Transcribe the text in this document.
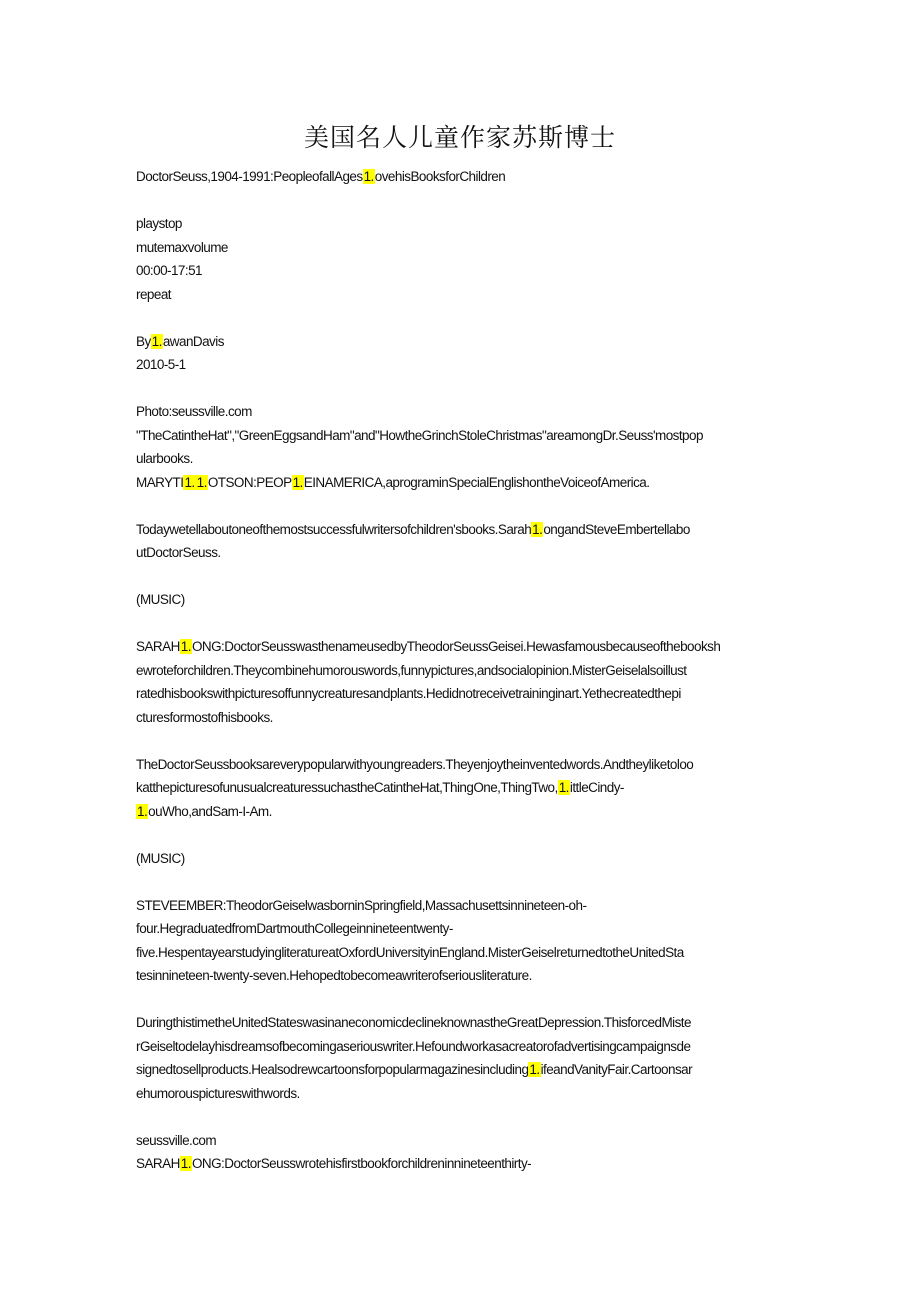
美国名人儿童作家苏斯博士
DoctorSeuss,1904-1991:PeopleofallAges1.ovehisBooksforChildren
playstop
mutemaxvolume
00:00-17:51
repeat
By1.awanDavis
2010-5-1
Photo:seussville.com
"TheCatintheHat","GreenEggsandHam"and"HowtheGrinchStoleChristmas"areamongDr.Seuss'mostpop
ularbooks.
MARYTI1. 1.OTSON:PEOP1.EINAMERICA,aprograminSpecialEnglishontheVoiceofAmerica.
Todaywetellaboutoneofthemostsuccessfulwritersofchildren'sbooks.Sarah1.ongandSteveEmbertellabo
utDoctorSeuss.
(MUSIC)
SARAH1.ONG:DoctorSeusswasthenameusedbyTheodorSeussGeisei.Hewasfamousbecauseofthebooksh
ewroteforchildren.Theycombinehumorouswords,funnypictures,andsocialopinion.MisterGeiselalsoillust
ratedhisbookswithpicturesoffunnycreaturesandplants.Hedidnotreceivetraininginart.Yethecreatedthepi
cturesformostofhisbooks.
TheDoctorSeussbooksareverypopularwithyoungreaders.Theyenjoytheinventedwords.Andtheyliketoloo
katthepicturesofunusualcreaturessuchastheCatintheHat,ThingOne,ThingTwo,1.ittleCindy-
1.ouWho,andSam-I-Am.
(MUSIC)
STEVEEMBER:TheodorGeiselwasborninSpringfield,Massachusettsinnineteen-oh-
four.HegraduatedfromDartmouthCollegeinnineteentwenty-
five.HespentayearstudyingliteratureatOxfordUniversityinEngland.MisterGeiselreturnedtotheUnitedSta
tesinnineteen-twenty-seven.Hehopedtobecomeawriterofseriousliterature.
DuringthistimetheUnitedStateswasinaneconomicdeclineknownastheGreatDepression.ThisforcedMiste
rGeiseltodelayhisdreamsofbecomingaseriouswriter.Hefoundworkasacreatorofadvertisingcampaignsde
signedtosellproducts.Healsodrewcartoonsforpopularmagazinesincluding1.ifeandVanityFair.Cartoonsar
ehumorouspictureswithwords.
seussville.com
SARAH1.ONG:DoctorSeusswrotehisfirstbookforchildreninnineteenthirty-
